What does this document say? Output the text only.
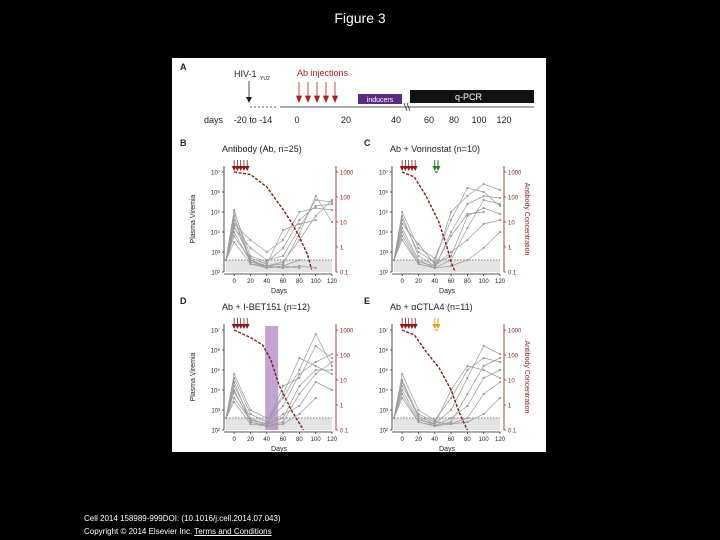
Figure 3
A
HIV-1 YU2
Ab injections
inducers	q-PCR
days -20 to -14 0	20	40	60 80 100 120
B
Antibody (Ab, n=25)
10²
10³
10⁴
10⁵
10⁶
10⁷
0.1
1
10
100
1000
0 20 40 60 80 100 120
Days
Plasma Viremia
C
Ab + Vorinostat (n=10)
10²
10³
10⁴
10⁵
10⁶
10⁷
0.1
1
10
100
1000
0 20 40 60 80 100 120
Days
Antibody Concentration
D
Ab + I-BET151 (n=12)
10²
10³
10⁴
10⁵
10⁶
10⁷
0.1
1
10
100
1000
0 20 40 60 80 100 120
Days
Plasma Viremia
E
Ab + αCTLA4 (n=11)
10²
10³
10⁴
10⁵
10⁶
10⁷
0.1
1
10
100
1000
0 20 40 60 80 100 120
Days
Antibody Concentration
Cell 2014 158989-999DOI: (10.1016/j.cell.2014.07.043)
Copyright © 2014 Elsevier Inc. Terms and Conditions
